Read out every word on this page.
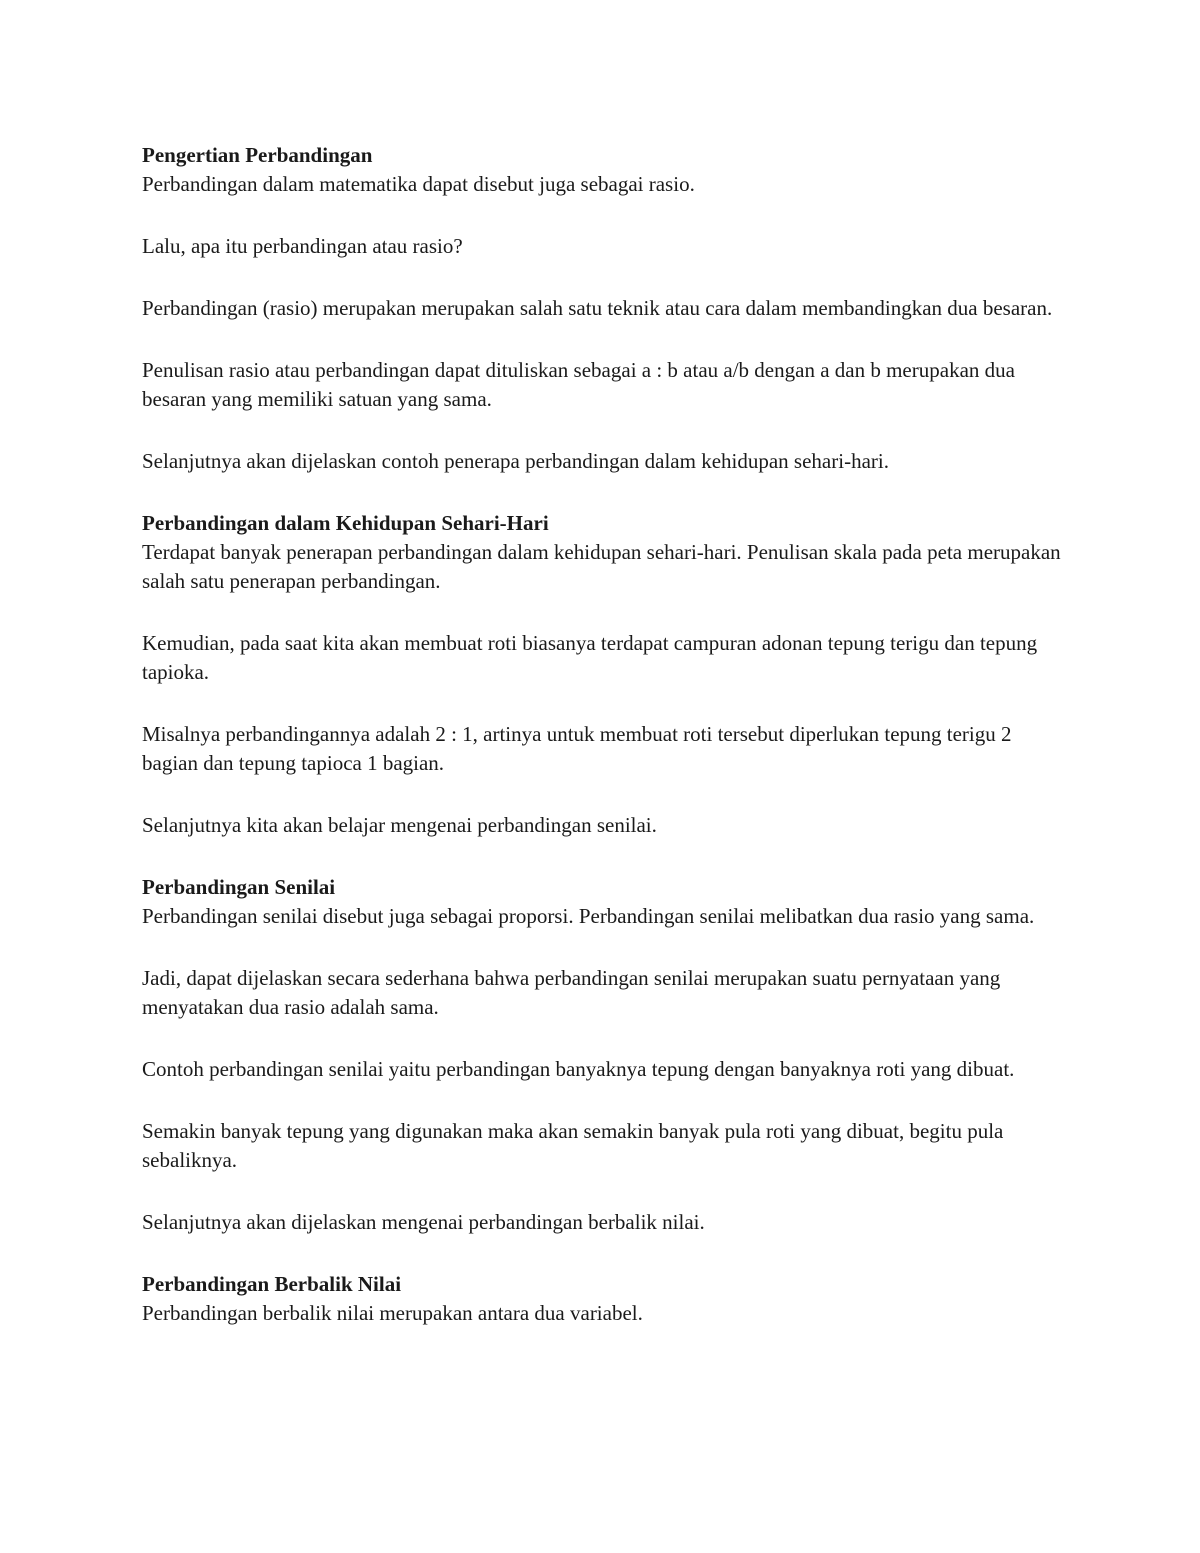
Pengertian Perbandingan

Perbandingan dalam matematika dapat disebut juga sebagai rasio.

Lalu, apa itu perbandingan atau rasio?

Perbandingan (rasio) merupakan merupakan salah satu teknik atau cara dalam membandingkan dua besaran.

Penulisan rasio atau perbandingan dapat dituliskan sebagai a : b atau a/b dengan a dan b merupakan dua besaran yang memiliki satuan yang sama.

Selanjutnya akan dijelaskan contoh penerapa perbandingan dalam kehidupan sehari-hari.

Perbandingan dalam Kehidupan Sehari-Hari

Terdapat banyak penerapan perbandingan dalam kehidupan sehari-hari. Penulisan skala pada peta merupakan salah satu penerapan perbandingan.

Kemudian, pada saat kita akan membuat roti biasanya terdapat campuran adonan tepung terigu dan tepung tapioka.

Misalnya perbandingannya adalah 2 : 1, artinya untuk membuat roti tersebut diperlukan tepung terigu 2 bagian dan tepung tapioca 1 bagian.

Selanjutnya kita akan belajar mengenai perbandingan senilai.

Perbandingan Senilai

Perbandingan senilai disebut juga sebagai proporsi. Perbandingan senilai melibatkan dua rasio yang sama.

Jadi, dapat dijelaskan secara sederhana bahwa perbandingan senilai merupakan suatu pernyataan yang menyatakan dua rasio adalah sama.

Contoh perbandingan senilai yaitu perbandingan banyaknya tepung dengan banyaknya roti yang dibuat.

Semakin banyak tepung yang digunakan maka akan semakin banyak pula roti yang dibuat, begitu pula sebaliknya.

Selanjutnya akan dijelaskan mengenai perbandingan berbalik nilai.

Perbandingan Berbalik Nilai

Perbandingan berbalik nilai merupakan antara dua variabel.
